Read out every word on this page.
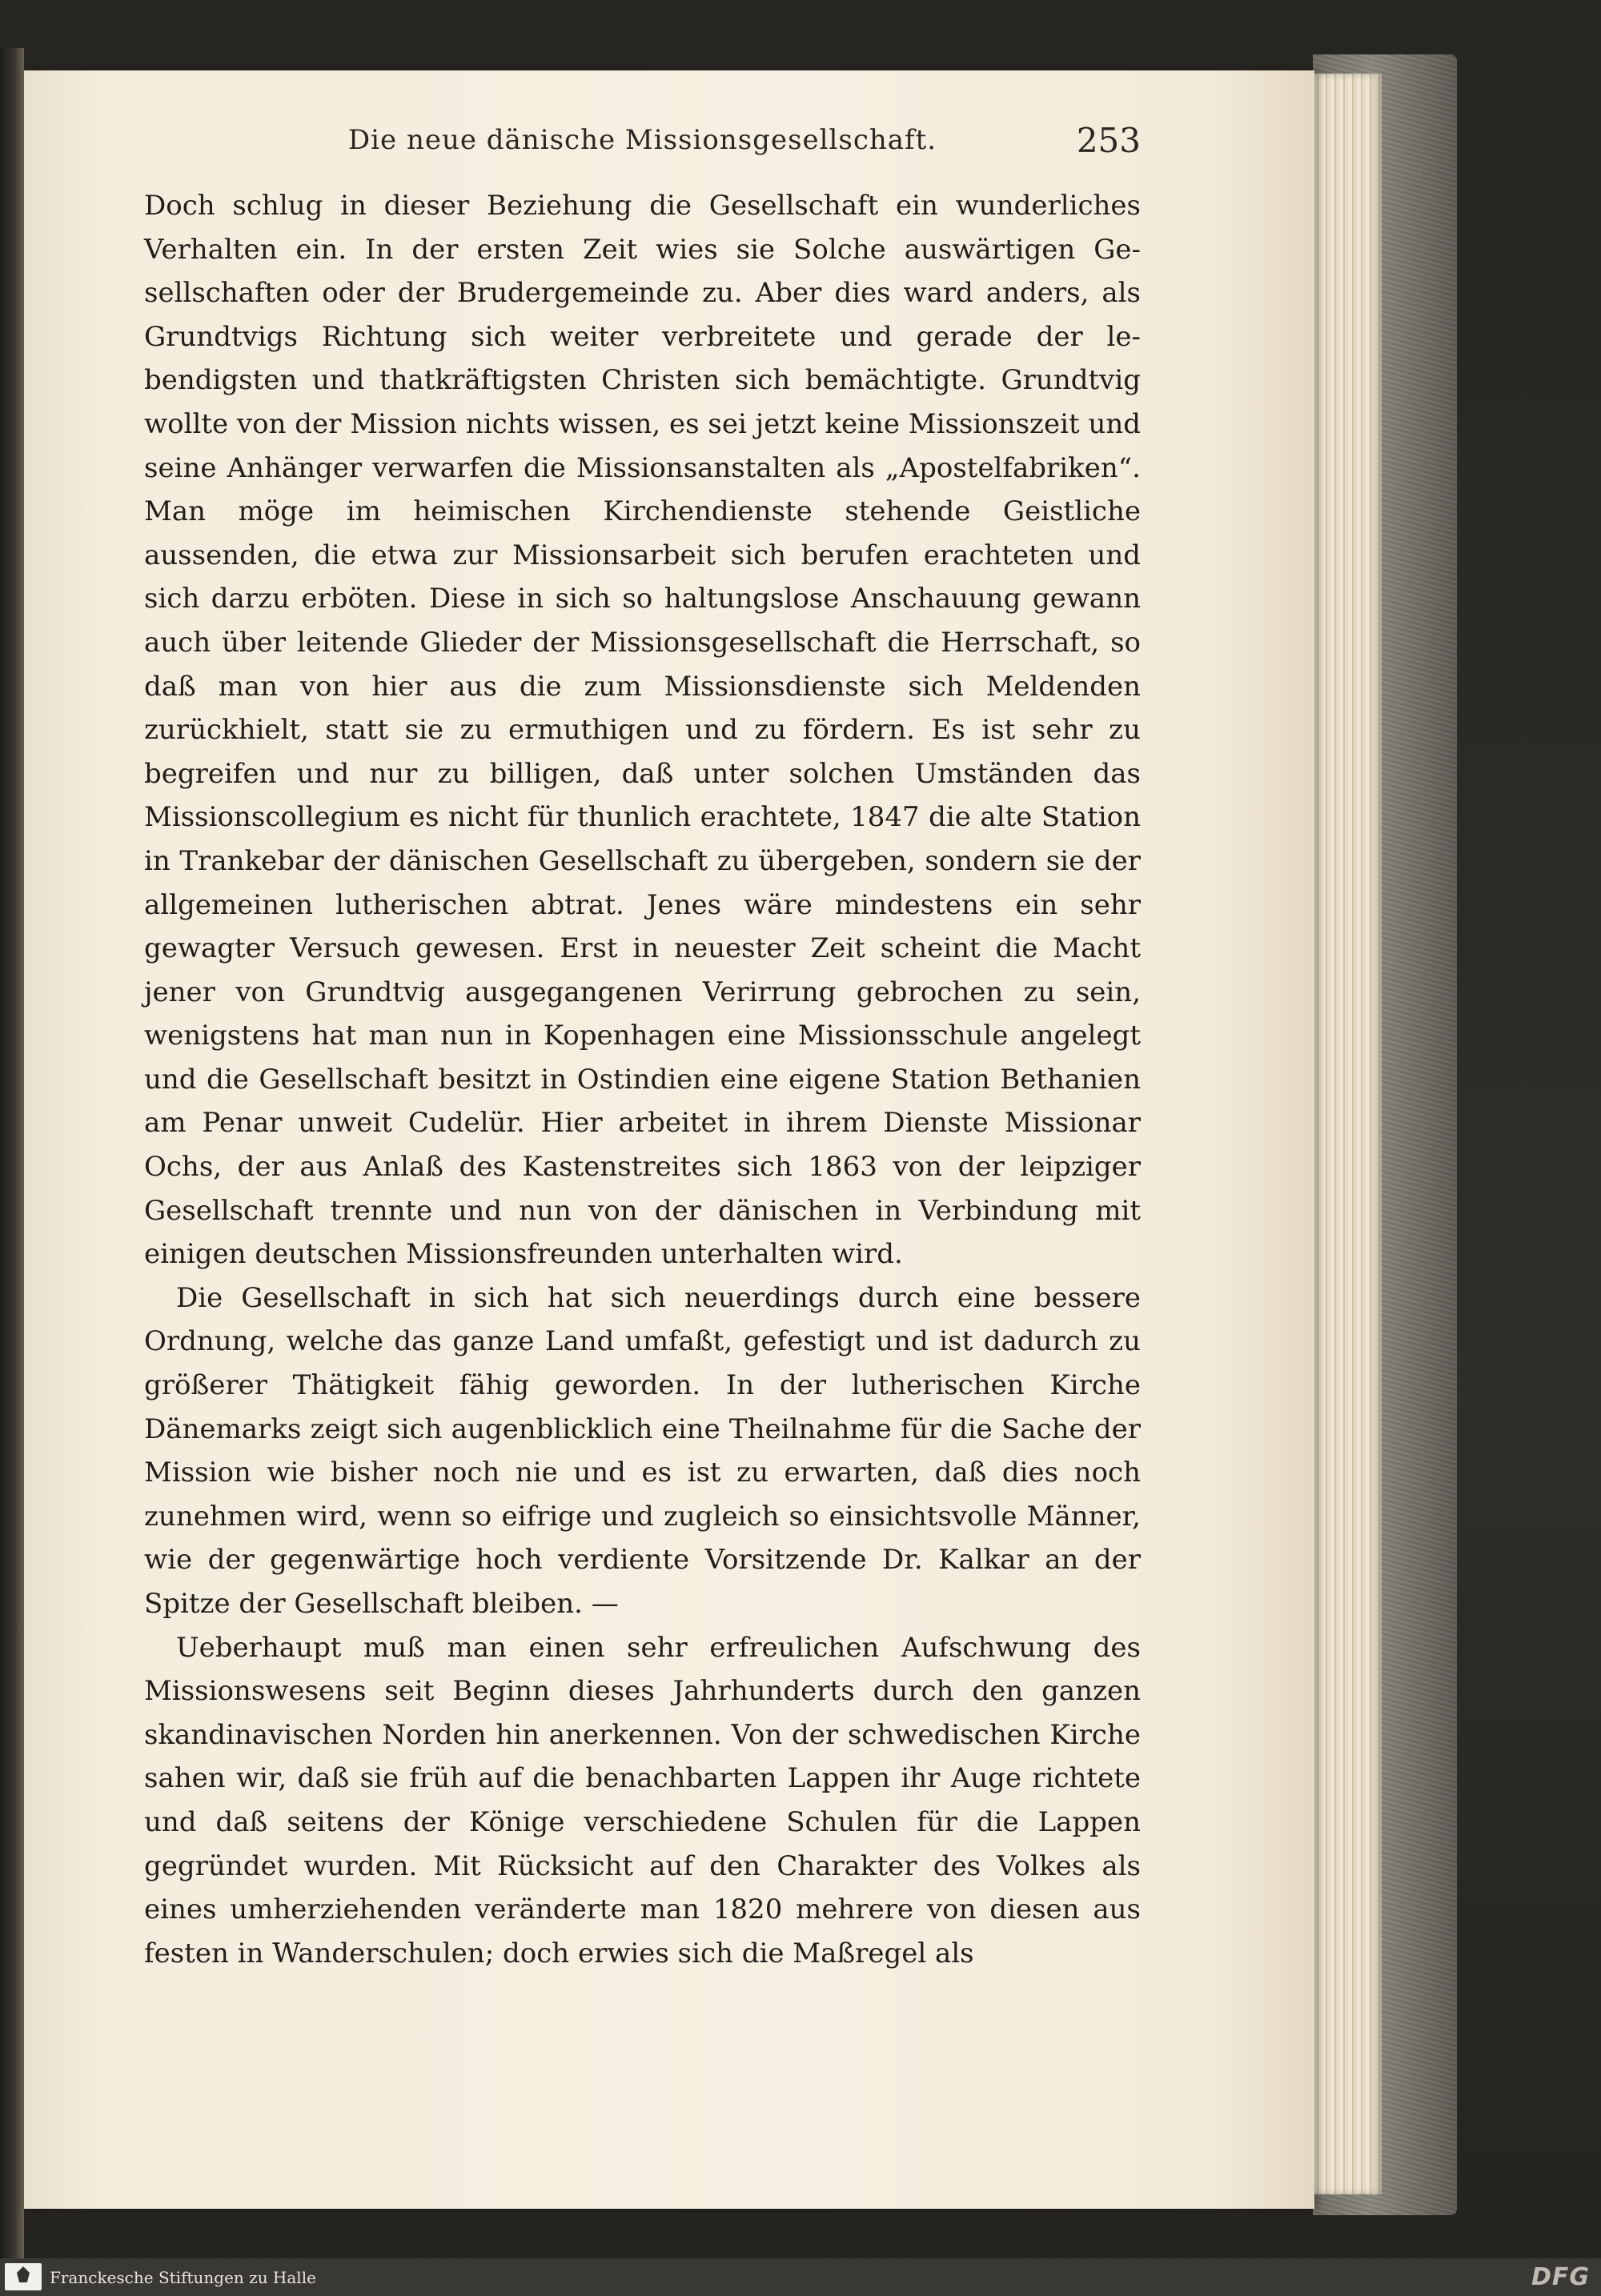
Die neue dänische Missionsgesellschaft.	253

Doch schlug in dieser Beziehung die Gesellschaft ein wunderliches Verhalten ein. In der ersten Zeit wies sie Solche auswärtigen Gesellschaften oder der Brudergemeinde zu. Aber dies ward anders, als Grundtvigs Richtung sich weiter verbreitete und gerade der lebendigsten und thatkräftigsten Christen sich bemächtigte. Grundtvig wollte von der Mission nichts wissen, es sei jetzt keine Missionszeit und seine Anhänger verwarfen die Missionsanstalten als „Apostelfabriken“. Man möge im heimischen Kirchendienste stehende Geistliche aussenden, die etwa zur Missionsarbeit sich berufen erachteten und sich darzu erböten. Diese in sich so haltungslose Anschauung gewann auch über leitende Glieder der Missionsgesellschaft die Herrschaft, so daß man von hier aus die zum Missionsdienste sich Meldenden zurückhielt, statt sie zu ermuthigen und zu fördern. Es ist sehr zu begreifen und nur zu billigen, daß unter solchen Umständen das Missionscollegium es nicht für thunlich erachtete, 1847 die alte Station in Trankebar der dänischen Gesellschaft zu übergeben, sondern sie der allgemeinen lutherischen abtrat. Jenes wäre mindestens ein sehr gewagter Versuch gewesen. Erst in neuester Zeit scheint die Macht jener von Grundtvig ausgegangenen Verirrung gebrochen zu sein, wenigstens hat man nun in Kopenhagen eine Missionsschule angelegt und die Gesellschaft besitzt in Ostindien eine eigene Station Bethanien am Penar unweit Cudelür. Hier arbeitet in ihrem Dienste Missionar Ochs, der aus Anlaß des Kastenstreites sich 1863 von der leipziger Gesellschaft trennte und nun von der dänischen in Verbindung mit einigen deutschen Missionsfreunden unterhalten wird.

Die Gesellschaft in sich hat sich neuerdings durch eine bessere Ordnung, welche das ganze Land umfaßt, gefestigt und ist dadurch zu größerer Thätigkeit fähig geworden. In der lutherischen Kirche Dänemarks zeigt sich augenblicklich eine Theilnahme für die Sache der Mission wie bisher noch nie und es ist zu erwarten, daß dies noch zunehmen wird, wenn so eifrige und zugleich so einsichtsvolle Männer, wie der gegenwärtige hoch verdiente Vorsitzende Dr. Kalkar an der Spitze der Gesellschaft bleiben. —

Ueberhaupt muß man einen sehr erfreulichen Aufschwung des Missionswesens seit Beginn dieses Jahrhunderts durch den ganzen skandinavischen Norden hin anerkennen. Von der schwedischen Kirche sahen wir, daß sie früh auf die benachbarten Lappen ihr Auge richtete und daß seitens der Könige verschiedene Schulen für die Lappen gegründet wurden. Mit Rücksicht auf den Charakter des Volkes als eines umherziehenden veränderte man 1820 mehrere von diesen aus festen in Wanderschulen; doch erwies sich die Maßregel als

Franckesche Stiftungen zu Halle	DFG
